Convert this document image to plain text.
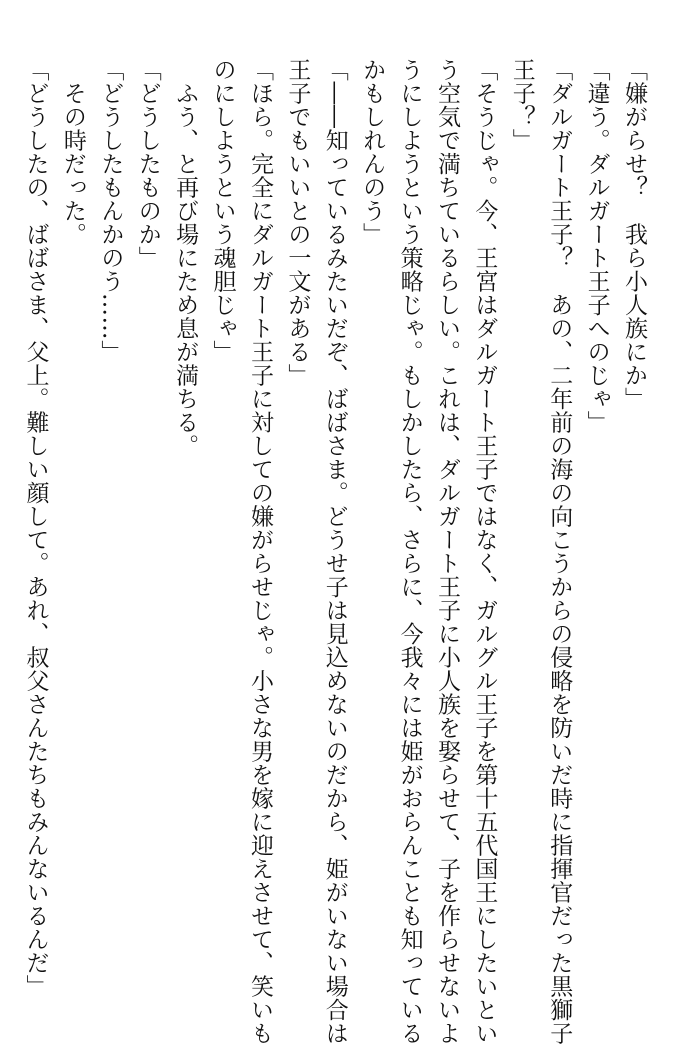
「嫌がらせ？　我ら小人族にか」
「違う。ダルガート王子へのじゃ」
「ダルガート王子？　あの、二年前の海の向こうからの侵略を防いだ時に指揮官だった黒獅子
王子？」
「そうじゃ。今、王宮はダルガート王子ではなく、ガルグル王子を第十五代国王にしたいとい
う空気で満ちているらしい。これは、ダルガート王子に小人族を娶らせて、子を作らせないよ
うにしようという策略じゃ。もしかしたら、さらに、今我々には姫がおらんことも知っている
かもしれんのう」
「――知っているみたいだぞ、ばばさま。どうせ子は見込めないのだから、姫がいない場合は
王子でもいいとの一文がある」
「ほら。完全にダルガート王子に対しての嫌がらせじゃ。小さな男を嫁に迎えさせて、笑いも
のにしようという魂胆じゃ」
　ふう、と再び場にため息が満ちる。
「どうしたものか」
「どうしたもんかのう……」
　その時だった。
「どうしたの、ばばさま、父上。難しい顔して。あれ、叔父さんたちもみんないるんだ」
